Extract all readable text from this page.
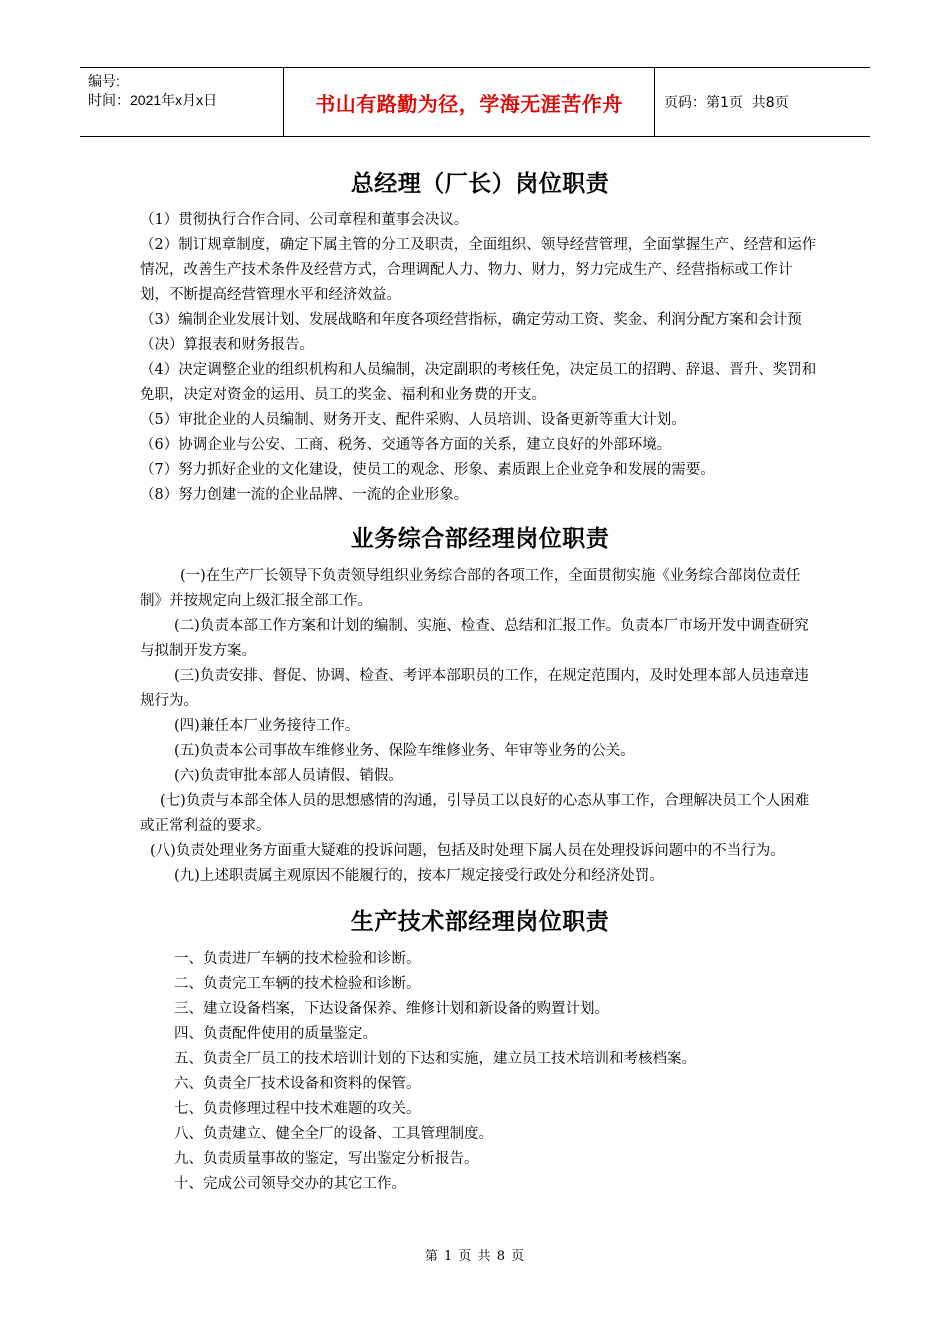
编号:
时间：2021年x月x日	书山有路勤为径，学海无涯苦作舟	页码：第1页  共8页
总经理（厂长）岗位职责

（1）贯彻执行合作合同、公司章程和董事会决议。

（2）制订规章制度，确定下属主管的分工及职责，全面组织、领导经营管理，全面掌握生产、经营和运作情况，改善生产技术条件及经营方式，合理调配人力、物力、财力，努力完成生产、经营指标或工作计划，不断提高经营管理水平和经济效益。

（3）编制企业发展计划、发展战略和年度各项经营指标，确定劳动工资、奖金、利润分配方案和会计预（决）算报表和财务报告。

（4）决定调整企业的组织机构和人员编制，决定副职的考核任免，决定员工的招聘、辞退、晋升、奖罚和免职，决定对资金的运用、员工的奖金、福利和业务费的开支。

（5）审批企业的人员编制、财务开支、配件采购、人员培训、设备更新等重大计划。

（6）协调企业与公安、工商、税务、交通等各方面的关系，建立良好的外部环境。

（7）努力抓好企业的文化建设，使员工的观念、形象、素质跟上企业竞争和发展的需要。

（8）努力创建一流的企业品牌、一流的企业形象。

业务综合部经理岗位职责

(一)在生产厂长领导下负责领导组织业务综合部的各项工作，全面贯彻实施《业务综合部岗位责任制》并按规定向上级汇报全部工作。

(二)负责本部工作方案和计划的编制、实施、检查、总结和汇报工作。负责本厂市场开发中调查研究与拟制开发方案。

(三)负责安排、督促、协调、检查、考评本部职员的工作，在规定范围内，及时处理本部人员违章违规行为。

(四)兼任本厂业务接待工作。

(五)负责本公司事故车维修业务、保险车维修业务、年审等业务的公关。

(六)负责审批本部人员请假、销假。

(七)负责与本部全体人员的思想感情的沟通，引导员工以良好的心态从事工作，合理解决员工个人困难或正常利益的要求。

(八)负责处理业务方面重大疑难的投诉问题，包括及时处理下属人员在处理投诉问题中的不当行为。

(九)上述职责属主观原因不能履行的，按本厂规定接受行政处分和经济处罚。

生产技术部经理岗位职责

一、负责进厂车辆的技术检验和诊断。

二、负责完工车辆的技术检验和诊断。

三、建立设备档案，下达设备保养、维修计划和新设备的购置计划。

四、负责配件使用的质量鉴定。

五、负责全厂员工的技术培训计划的下达和实施，建立员工技术培训和考核档案。

六、负责全厂技术设备和资料的保管。

七、负责修理过程中技术难题的攻关。

八、负责建立、健全全厂的设备、工具管理制度。

九、负责质量事故的鉴定，写出鉴定分析报告。

十、完成公司领导交办的其它工作。

第 1 页 共 8 页
